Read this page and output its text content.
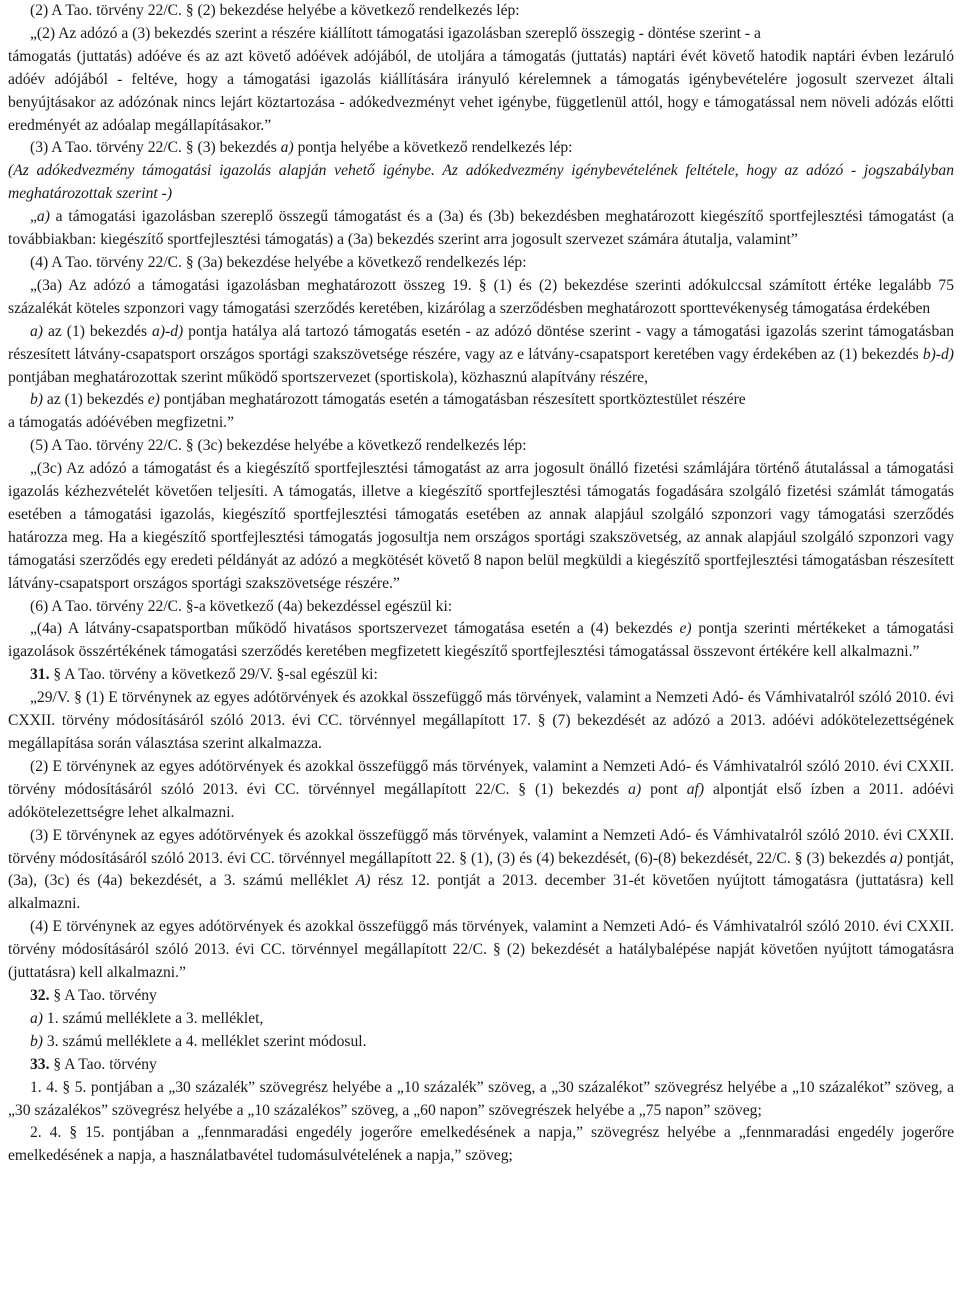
(2) A Tao. törvény 22/C. § (2) bekezdése helyébe a következő rendelkezés lép:

„(2) Az adózó a (3) bekezdés szerint a részére kiállított támogatási igazolásban szereplő összegig - döntése szerint - a

támogatás (juttatás) adóéve és az azt követő adóévek adójából, de utoljára a támogatás (juttatás) naptári évét követő hatodik naptári évben lezáruló adóév adójából - feltéve, hogy a támogatási igazolás kiállítására irányuló kérelemnek a támogatás igénybevételére jogosult szervezet általi benyújtásakor az adózónak nincs lejárt köztartozása - adókedvezményt vehet igénybe, függetlenül attól, hogy e támogatással nem növeli adózás előtti eredményét az adóalap megállapításakor.”

(3) A Tao. törvény 22/C. § (3) bekezdés a) pontja helyébe a következő rendelkezés lép:

(Az adókedvezmény támogatási igazolás alapján vehető igénybe. Az adókedvezmény igénybevételének feltétele, hogy az adózó - jogszabályban meghatározottak szerint -)

„a) a támogatási igazolásban szereplő összegű támogatást és a (3a) és (3b) bekezdésben meghatározott kiegészítő sportfejlesztési támogatást (a továbbiakban: kiegészítő sportfejlesztési támogatás) a (3a) bekezdés szerint arra jogosult szervezet számára átutalja, valamint”

(4) A Tao. törvény 22/C. § (3a) bekezdése helyébe a következő rendelkezés lép:

„(3a) Az adózó a támogatási igazolásban meghatározott összeg 19. § (1) és (2) bekezdése szerinti adókulccsal számított értéke legalább 75 százalékát köteles szponzori vagy támogatási szerződés keretében, kizárólag a szerződésben meghatározott sporttevékenység támogatása érdekében

a) az (1) bekezdés a)-d) pontja hatálya alá tartozó támogatás esetén - az adózó döntése szerint - vagy a támogatási igazolás szerint támogatásban részesített látvány-csapatsport országos sportági szakszövetsége részére, vagy az e látvány-csapatsport keretében vagy érdekében az (1) bekezdés b)-d) pontjában meghatározottak szerint működő sportszervezet (sportiskola), közhasznú alapítvány részére,

b) az (1) bekezdés e) pontjában meghatározott támogatás esetén a támogatásban részesített sportköztestület részére

a támogatás adóévében megfizetni.”

(5) A Tao. törvény 22/C. § (3c) bekezdése helyébe a következő rendelkezés lép:

„(3c) Az adózó a támogatást és a kiegészítő sportfejlesztési támogatást az arra jogosult önálló fizetési számlájára történő átutalással a támogatási igazolás kézhezvételét követően teljesíti. A támogatás, illetve a kiegészítő sportfejlesztési támogatás fogadására szolgáló fizetési számlát támogatás esetében a támogatási igazolás, kiegészítő sportfejlesztési támogatás esetében az annak alapjául szolgáló szponzori vagy támogatási szerződés határozza meg. Ha a kiegészítő sportfejlesztési támogatás jogosultja nem országos sportági szakszövetség, az annak alapjául szolgáló szponzori vagy támogatási szerződés egy eredeti példányát az adózó a megkötését követő 8 napon belül megküldi a kiegészítő sportfejlesztési támogatásban részesített látvány-csapatsport országos sportági szakszövetsége részére.”

(6) A Tao. törvény 22/C. §-a következő (4a) bekezdéssel egészül ki:

„(4a) A látvány-csapatsportban működő hivatásos sportszervezet támogatása esetén a (4) bekezdés e) pontja szerinti mértékeket a támogatási igazolások összértékének támogatási szerződés keretében megfizetett kiegészítő sportfejlesztési támogatással összevont értékére kell alkalmazni.”

31. § A Tao. törvény a következő 29/V. §-sal egészül ki:

„29/V. § (1) E törvénynek az egyes adótörvények és azokkal összefüggő más törvények, valamint a Nemzeti Adó- és Vámhivatalról szóló 2010. évi CXXII. törvény módosításáról szóló 2013. évi CC. törvénnyel megállapított 17. § (7) bekezdését az adózó a 2013. adóévi adókötelezettségének megállapítása során választása szerint alkalmazza.

(2) E törvénynek az egyes adótörvények és azokkal összefüggő más törvények, valamint a Nemzeti Adó- és Vámhivatalról szóló 2010. évi CXXII. törvény módosításáról szóló 2013. évi CC. törvénnyel megállapított 22/C. § (1) bekezdés a) pont af) alpontját első ízben a 2011. adóévi adókötelezettségre lehet alkalmazni.

(3) E törvénynek az egyes adótörvények és azokkal összefüggő más törvények, valamint a Nemzeti Adó- és Vámhivatalról szóló 2010. évi CXXII. törvény módosításáról szóló 2013. évi CC. törvénnyel megállapított 22. § (1), (3) és (4) bekezdését, (6)-(8) bekezdését, 22/C. § (3) bekezdés a) pontját, (3a), (3c) és (4a) bekezdését, a 3. számú melléklet A) rész 12. pontját a 2013. december 31-ét követően nyújtott támogatásra (juttatásra) kell alkalmazni.

(4) E törvénynek az egyes adótörvények és azokkal összefüggő más törvények, valamint a Nemzeti Adó- és Vámhivatalról szóló 2010. évi CXXII. törvény módosításáról szóló 2013. évi CC. törvénnyel megállapított 22/C. § (2) bekezdését a hatálybalépése napját követően nyújtott támogatásra (juttatásra) kell alkalmazni.”

32. § A Tao. törvény

a) 1. számú melléklete a 3. melléklet,

b) 3. számú melléklete a 4. melléklet szerint módosul.

33. § A Tao. törvény

1. 4. § 5. pontjában a „30 százalék” szövegrész helyébe a „10 százalék” szöveg, a „30 százalékot” szövegrész helyébe a „10 százalékot” szöveg, a „30 százalékos” szövegrész helyébe a „10 százalékos” szöveg, a „60 napon” szövegrészek helyébe a „75 napon” szöveg;

2. 4. § 15. pontjában a „fennmaradási engedély jogerőre emelkedésének a napja,” szövegrész helyébe a „fennmaradási engedély jogerőre emelkedésének a napja, a használatbavétel tudomásulvételének a napja,” szöveg;
